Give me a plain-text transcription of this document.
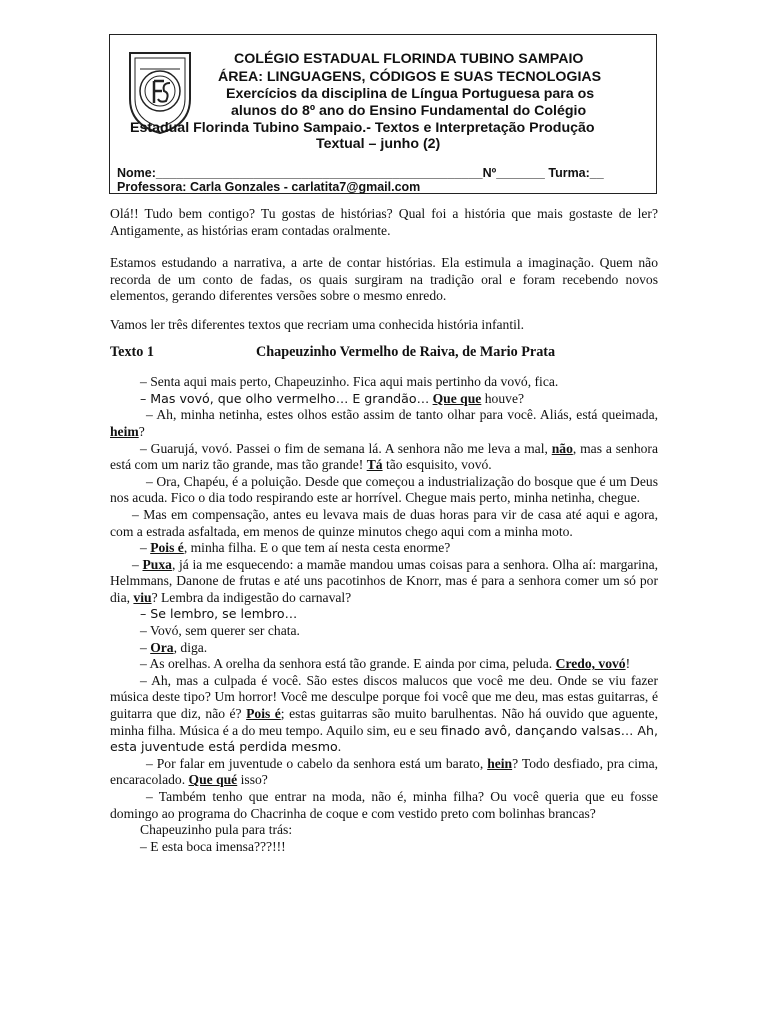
COLÉGIO ESTADUAL FLORINDA TUBINO SAMPAIO
ÁREA: LINGUAGENS, CÓDIGOS E SUAS TECNOLOGIAS
Exercícios da disciplina de Língua Portuguesa para os
alunos do 8º ano do Ensino Fundamental do Colégio
Estadual Florinda Tubino Sampaio.- Textos e Interpretação Produção
Textual – junho (2)
Nome:_______________________________________________Nº_______ Turma:__
Professora: Carla Gonzales - carlatita7@gmail.com

Olá!! Tudo bem contigo? Tu gostas de histórias? Qual foi a história que mais gostaste de ler? Antigamente, as histórias eram contadas oralmente.

Estamos estudando a narrativa, a arte de contar histórias. Ela estimula a imaginação. Quem não recorda de um conto de fadas, os quais surgiram na tradição oral e foram recebendo novos elementos, gerando diferentes versões sobre o mesmo enredo.

Vamos ler três diferentes textos que recriam uma conhecida história infantil.

Texto 1	Chapeuzinho Vermelho de Raiva, de Mario Prata

– Senta aqui mais perto, Chapeuzinho. Fica aqui mais pertinho da vovó, fica.

– Mas vovó, que olho vermelho… E grandão… Que que houve?

– Ah, minha netinha, estes olhos estão assim de tanto olhar para você. Aliás, está queimada, heim?

– Guarujá, vovó. Passei o fim de semana lá. A senhora não me leva a mal, não, mas a senhora está com um nariz tão grande, mas tão grande! Tá tão esquisito, vovó.

– Ora, Chapéu, é a poluição. Desde que começou a industrialização do bosque que é um Deus nos acuda. Fico o dia todo respirando este ar horrível. Chegue mais perto, minha netinha, chegue.

– Mas em compensação, antes eu levava mais de duas horas para vir de casa até aqui e agora, com a estrada asfaltada, em menos de quinze minutos chego aqui com a minha moto.

– Pois é, minha filha. E o que tem aí nesta cesta enorme?

– Puxa, já ia me esquecendo: a mamãe mandou umas coisas para a senhora. Olha aí: margarina, Helmmans, Danone de frutas e até uns pacotinhos de Knorr, mas é para a senhora comer um só por dia, viu? Lembra da indigestão do carnaval?

– Se lembro, se lembro…

– Vovó, sem querer ser chata.

– Ora, diga.

– As orelhas. A orelha da senhora está tão grande. E ainda por cima, peluda. Credo, vovó!

– Ah, mas a culpada é você. São estes discos malucos que você me deu. Onde se viu fazer música deste tipo? Um horror! Você me desculpe porque foi você que me deu, mas estas guitarras, é guitarra que diz, não é? Pois é; estas guitarras são muito barulhentas. Não há ouvido que aguente, minha filha. Música é a do meu tempo. Aquilo sim, eu e seu finado avô, dançando valsas… Ah, esta juventude está perdida mesmo.

– Por falar em juventude o cabelo da senhora está um barato, hein? Todo desfiado, pra cima, encaracolado. Que qué isso?

– Também tenho que entrar na moda, não é, minha filha? Ou você queria que eu fosse domingo ao programa do Chacrinha de coque e com vestido preto com bolinhas brancas?

Chapeuzinho pula para trás:

– E esta boca imensa???!!!
